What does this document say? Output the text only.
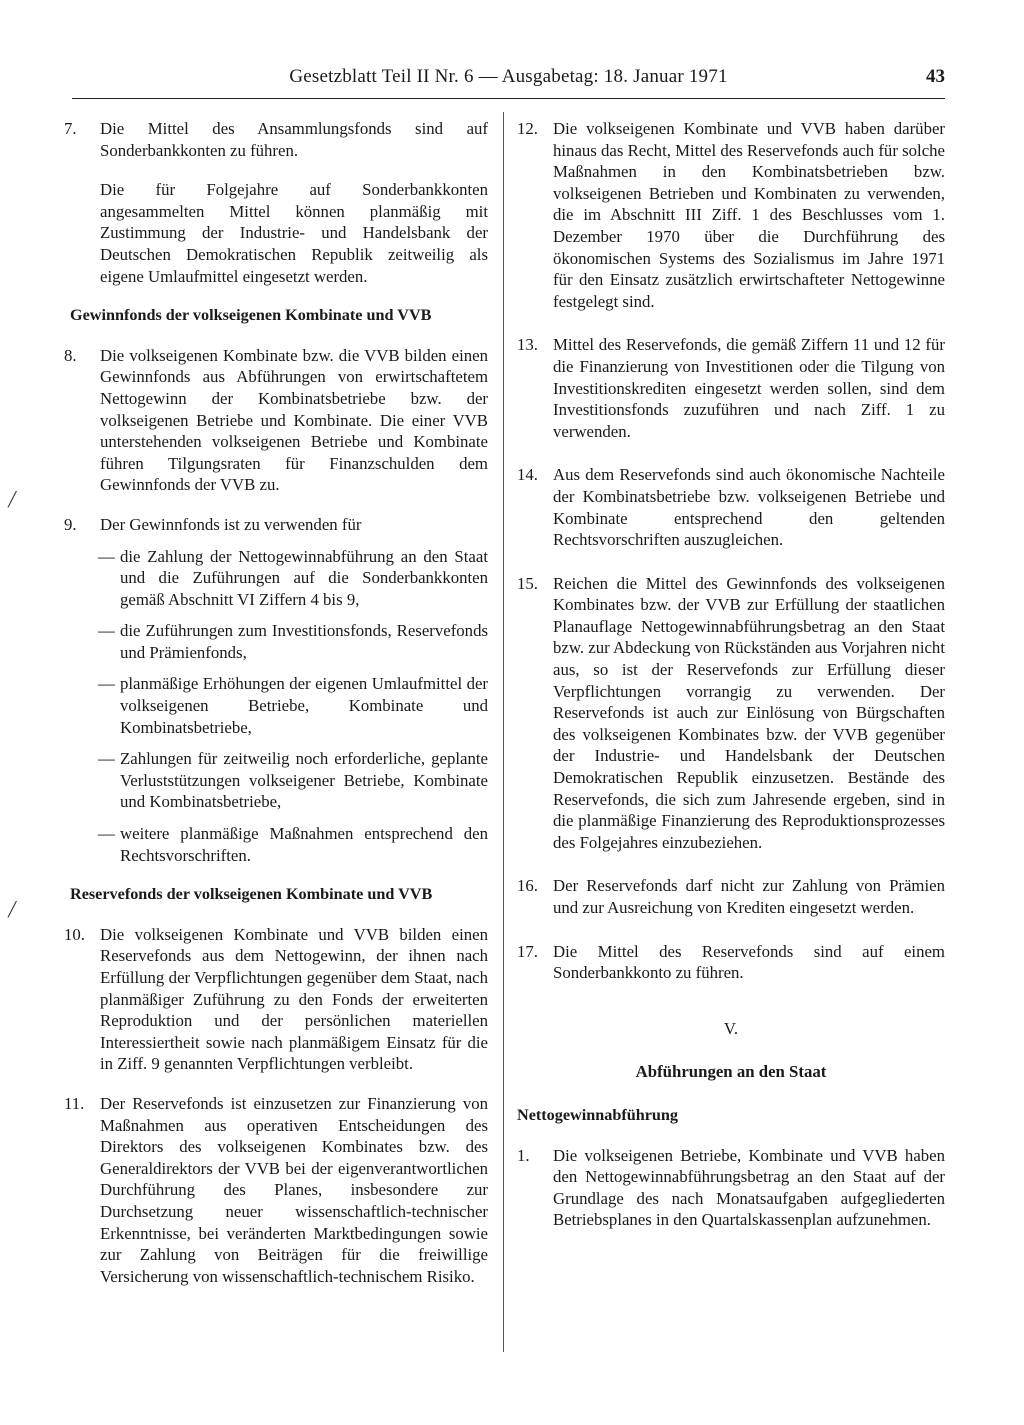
Gesetzblatt Teil II Nr. 6 — Ausgabetag: 18. Januar 1971	43
7. Die Mittel des Ansammlungsfonds sind auf Sonderbankkonten zu führen.
Die für Folgejahre auf Sonderbankkonten angesammelten Mittel können planmäßig mit Zustimmung der Industrie- und Handelsbank der Deutschen Demokratischen Republik zeitweilig als eigene Umlaufmittel eingesetzt werden.
Gewinnfonds der volkseigenen Kombinate und VVB
8. Die volkseigenen Kombinate bzw. die VVB bilden einen Gewinnfonds aus Abführungen von erwirtschaftetem Nettogewinn der Kombinatsbetriebe bzw. der volkseigenen Betriebe und Kombinate. Die einer VVB unterstehenden volkseigenen Betriebe und Kombinate führen Tilgungsraten für Finanzschulden dem Gewinnfonds der VVB zu.
9. Der Gewinnfonds ist zu verwenden für
— die Zahlung der Nettogewinnabführung an den Staat und die Zuführungen auf die Sonderbankkonten gemäß Abschnitt VI Ziffern 4 bis 9,
— die Zuführungen zum Investitionsfonds, Reservefonds und Prämienfonds,
— planmäßige Erhöhungen der eigenen Umlaufmittel der volkseigenen Betriebe, Kombinate und Kombinatsbetriebe,
— Zahlungen für zeitweilig noch erforderliche, geplante Verluststützungen volkseigener Betriebe, Kombinate und Kombinatsbetriebe,
— weitere planmäßige Maßnahmen entsprechend den Rechtsvorschriften.
Reservefonds der volkseigenen Kombinate und VVB
10. Die volkseigenen Kombinate und VVB bilden einen Reservefonds aus dem Nettogewinn, der ihnen nach Erfüllung der Verpflichtungen gegenüber dem Staat, nach planmäßiger Zuführung zu den Fonds der erweiterten Reproduktion und der persönlichen materiellen Interessiertheit sowie nach planmäßigem Einsatz für die in Ziff. 9 genannten Verpflichtungen verbleibt.
11. Der Reservefonds ist einzusetzen zur Finanzierung von Maßnahmen aus operativen Entscheidungen des Direktors des volkseigenen Kombinates bzw. des Generaldirektors der VVB bei der eigenverantwortlichen Durchführung des Planes, insbesondere zur Durchsetzung neuer wissenschaftlich-technischer Erkenntnisse, bei veränderten Marktbedingungen sowie zur Zahlung von Beiträgen für die freiwillige Versicherung von wissenschaftlich-technischem Risiko.
12. Die volkseigenen Kombinate und VVB haben darüber hinaus das Recht, Mittel des Reservefonds auch für solche Maßnahmen in den Kombinatsbetrieben bzw. volkseigenen Betrieben und Kombinaten zu verwenden, die im Abschnitt III Ziff. 1 des Beschlusses vom 1. Dezember 1970 über die Durchführung des ökonomischen Systems des Sozialismus im Jahre 1971 für den Einsatz zusätzlich erwirtschafteter Nettogewinne festgelegt sind.
13. Mittel des Reservefonds, die gemäß Ziffern 11 und 12 für die Finanzierung von Investitionen oder die Tilgung von Investitionskrediten eingesetzt werden sollen, sind dem Investitionsfonds zuzuführen und nach Ziff. 1 zu verwenden.
14. Aus dem Reservefonds sind auch ökonomische Nachteile der Kombinatsbetriebe bzw. volkseigenen Betriebe und Kombinate entsprechend den geltenden Rechtsvorschriften auszugleichen.
15. Reichen die Mittel des Gewinnfonds des volkseigenen Kombinates bzw. der VVB zur Erfüllung der staatlichen Planauflage Nettogewinnabführungsbetrag an den Staat bzw. zur Abdeckung von Rückständen aus Vorjahren nicht aus, so ist der Reservefonds zur Erfüllung dieser Verpflichtungen vorrangig zu verwenden. Der Reservefonds ist auch zur Einlösung von Bürgschaften des volkseigenen Kombinates bzw. der VVB gegenüber der Industrie- und Handelsbank der Deutschen Demokratischen Republik einzusetzen. Bestände des Reservefonds, die sich zum Jahresende ergeben, sind in die planmäßige Finanzierung des Reproduktionsprozesses des Folgejahres einzubeziehen.
16. Der Reservefonds darf nicht zur Zahlung von Prämien und zur Ausreichung von Krediten eingesetzt werden.
17. Die Mittel des Reservefonds sind auf einem Sonderbankkonto zu führen.
V.
Abführungen an den Staat
Nettogewinnabführung
1. Die volkseigenen Betriebe, Kombinate und VVB haben den Nettogewinnabführungsbetrag an den Staat auf der Grundlage des nach Monatsaufgaben aufgegliederten Betriebsplanes in den Quartalskassenplan aufzunehmen.
╱
╱
